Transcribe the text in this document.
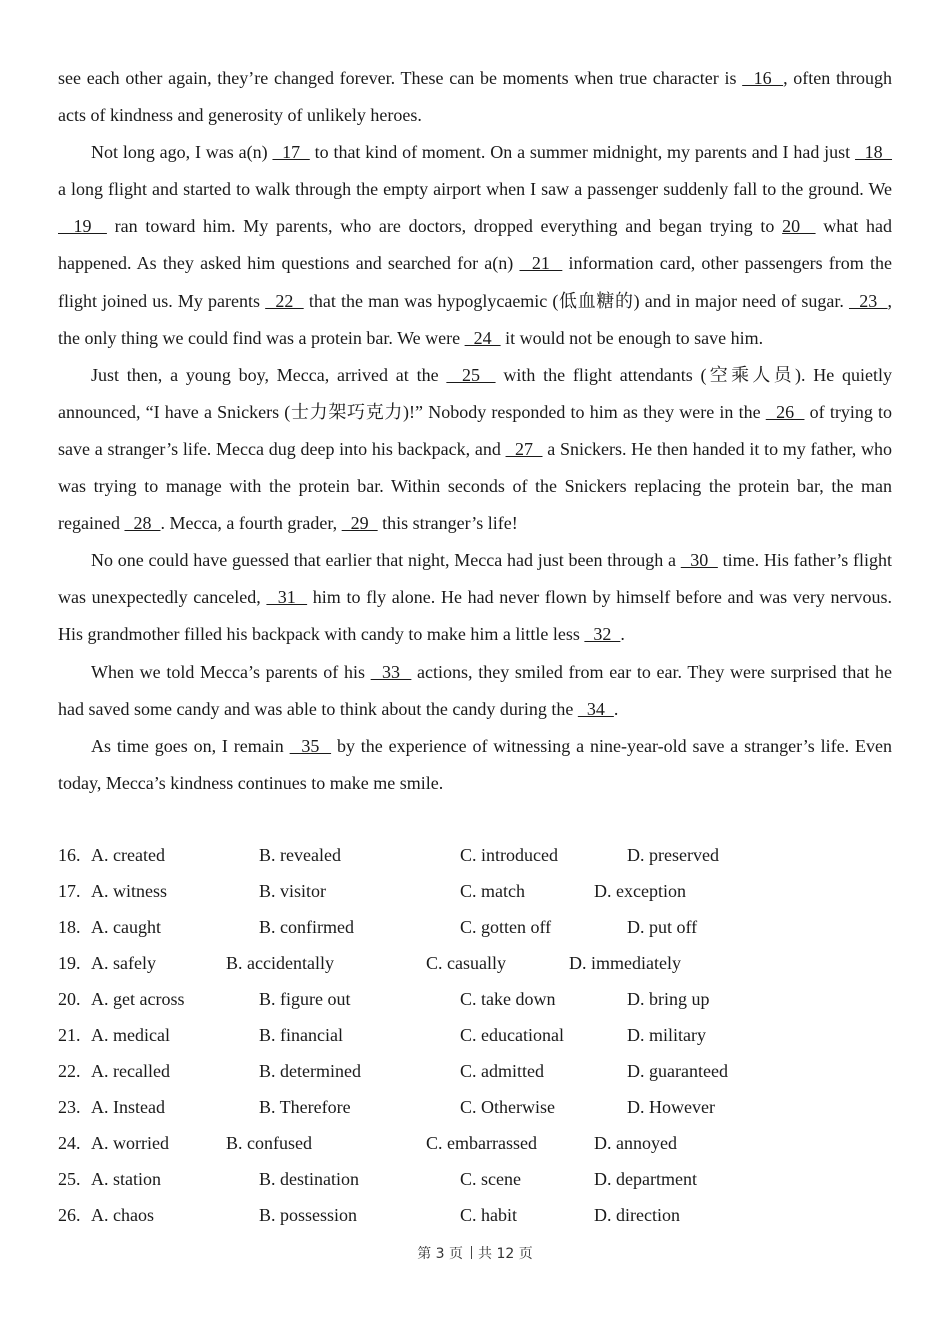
see each other again, they’re changed forever. These can be moments when true character is   16  , often through acts of kindness and generosity of unlikely heroes.

Not long ago, I was a(n)   17   to that kind of moment. On a summer midnight, my parents and I had just   18   a long flight and started to walk through the empty airport when I saw a passenger suddenly fall to the ground. We   19   ran toward him. My parents, who are doctors, dropped everything and began trying to 20   what had happened. As they asked him questions and searched for a(n)   21   information card, other passengers from the flight joined us. My parents   22   that the man was hypoglycaemic (低血糖的) and in major need of sugar.   23  , the only thing we could find was a protein bar. We were   24   it would not be enough to save him.

Just then, a young boy, Mecca, arrived at the   25   with the flight attendants (空乘人员). He quietly announced, “I have a Snickers (士力架巧克力)!” Nobody responded to him as they were in the   26   of trying to save a stranger’s life. Mecca dug deep into his backpack, and   27   a Snickers. He then handed it to my father, who was trying to manage with the protein bar. Within seconds of the Snickers replacing the protein bar, the man regained   28  . Mecca, a fourth grader,   29   this stranger’s life!

No one could have guessed that earlier that night, Mecca had just been through a   30   time. His father’s flight was unexpectedly canceled,   31   him to fly alone. He had never flown by himself before and was very nervous. His grandmother filled his backpack with candy to make him a little less   32  .

When we told Mecca’s parents of his   33   actions, they smiled from ear to ear. They were surprised that he had saved some candy and was able to think about the candy during the   34  .

As time goes on, I remain   35   by the experience of witnessing a nine-year-old save a stranger’s life. Even today, Mecca’s kindness continues to make me smile.

16. A. created	B. revealed	C. introduced	D. preserved
17. A. witness	B. visitor	C. match	D. exception
18. A. caught	B. confirmed	C. gotten off	D. put off
19. A. safely	B. accidentally	C. casually	D. immediately
20. A. get across	B. figure out	C. take down	D. bring up
21. A. medical	B. financial	C. educational	D. military
22. A. recalled	B. determined	C. admitted	D. guaranteed
23. A. Instead	B. Therefore	C. Otherwise	D. However
24. A. worried	B. confused	C. embarrassed	D. annoyed
25. A. station	B. destination	C. scene	D. department
26. A. chaos	B. possession	C. habit	D. direction
第 3 页 共 12 页
